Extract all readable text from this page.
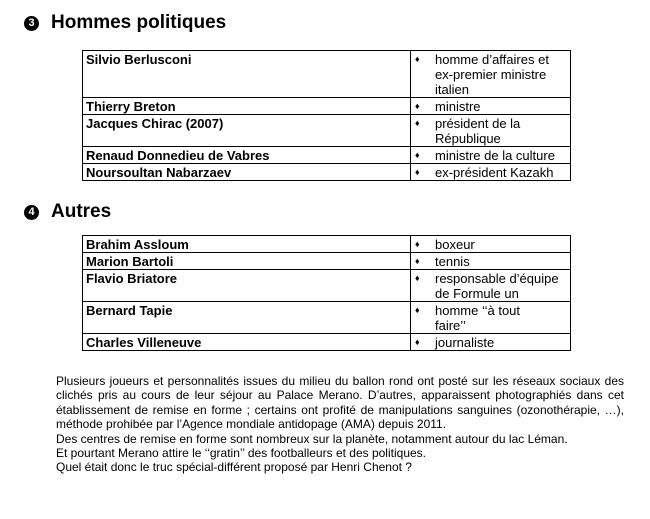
3 Hommes politiques
Silvio Berlusconi	♦ homme d’affaires et
ex-premier ministre
italien

Thierry Breton	♦ ministre

Jacques Chirac (2007)	♦ président de la
République

Renaud Donnedieu de Vabres	♦ ministre de la culture

Noursoultan Nabarzaev	♦ ex-président Kazakh
4 Autres
Brahim Assloum	♦ boxeur

Marion Bartoli	♦ tennis

Flavio Briatore	♦ responsable d’équipe
de Formule un

Bernard Tapie	♦ homme ‘‘à tout
faire’’

Charles Villeneuve	♦ journaliste

Plusieurs joueurs et personnalités issues du milieu du ballon rond ont posté sur les réseaux sociaux des clichés pris au cours de leur séjour au Palace Merano. D’autres, apparaissent photographiés dans cet établissement de remise en forme ; certains ont profité de manipulations sanguines (ozonothérapie, …), méthode prohibée par l’Agence mondiale antidopage (AMA) depuis 2011.

Des centres de remise en forme sont nombreux sur la planète, notamment autour du lac Léman.

Et pourtant Merano attire le ‘‘gratin’’ des footballeurs et des politiques.

Quel était donc le truc spécial-différent proposé par Henri Chenot ?
